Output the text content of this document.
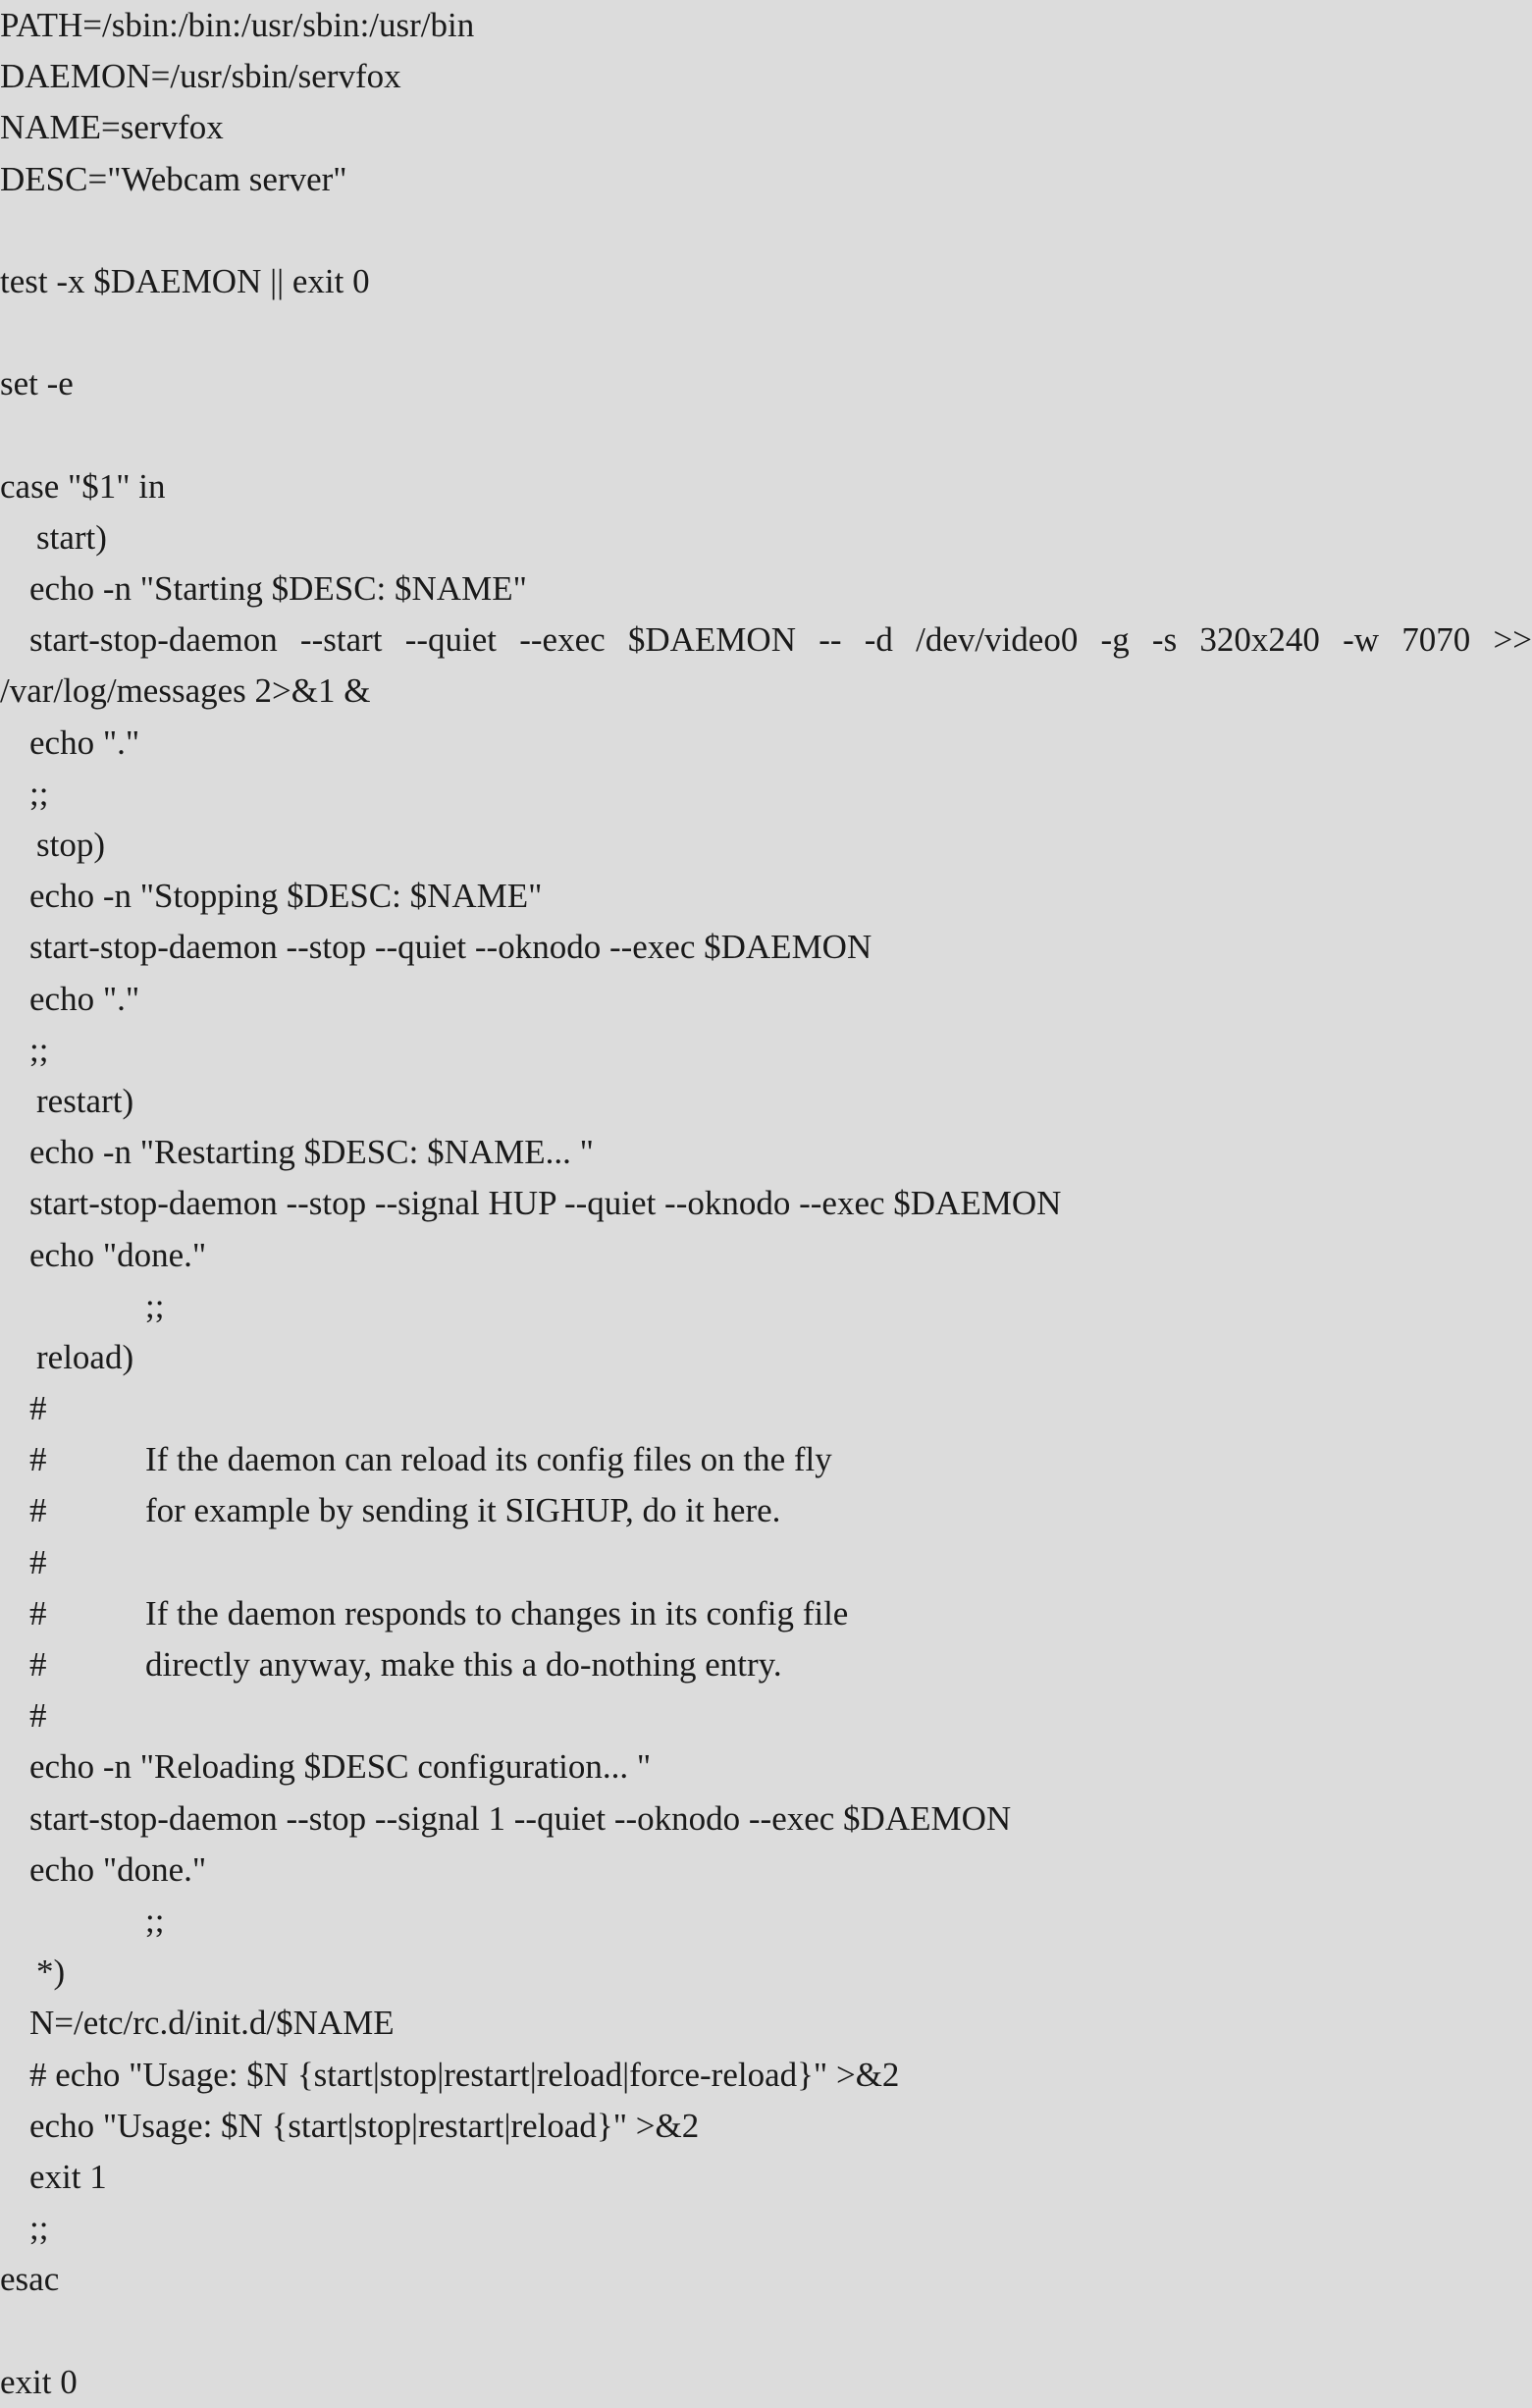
PATH=/sbin:/bin:/usr/sbin:/usr/bin
DAEMON=/usr/sbin/servfox
NAME=servfox
DESC="Webcam server"
test -x $DAEMON || exit 0
set -e
case "$1" in
start)
echo -n "Starting $DESC: $NAME"
start-stop-daemon --start --quiet --exec $DAEMON -- -d /dev/video0 -g -s 320x240 -w 7070 >>
/var/log/messages 2>&1 &
echo "."
;;
stop)
echo -n "Stopping $DESC: $NAME"
start-stop-daemon --stop --quiet --oknodo --exec $DAEMON
echo "."
;;
restart)
echo -n "Restarting $DESC: $NAME... "
start-stop-daemon --stop --signal HUP --quiet --oknodo --exec $DAEMON
echo "done."
;;
reload)
#
#	If the daemon can reload its config files on the fly
#	for example by sending it SIGHUP, do it here.
#
#	If the daemon responds to changes in its config file
#	directly anyway, make this a do-nothing entry.
#
echo -n "Reloading $DESC configuration... "
start-stop-daemon --stop --signal 1 --quiet --oknodo --exec $DAEMON
echo "done."
;;
*)
N=/etc/rc.d/init.d/$NAME
# echo "Usage: $N {start|stop|restart|reload|force-reload}" >&2
echo "Usage: $N {start|stop|restart|reload}" >&2
exit 1
;;
esac
exit 0
